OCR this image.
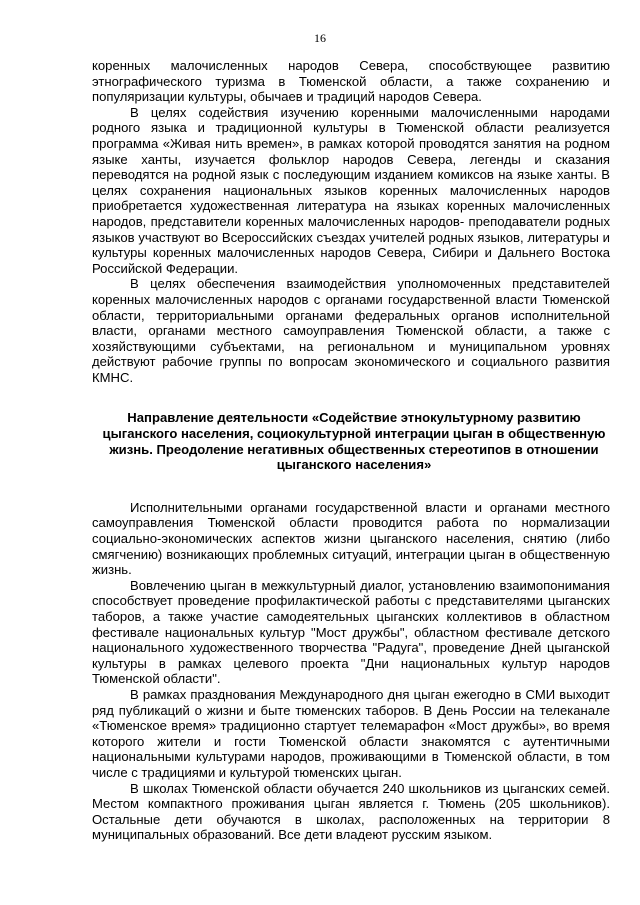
16

коренных малочисленных народов Севера, способствующее развитию этнографического туризма в Тюменской области, а также сохранению и популяризации культуры, обычаев и традиций народов Севера.

В целях содействия изучению коренными малочисленными народами родного языка и традиционной культуры в Тюменской области реализуется программа «Живая нить времен», в рамках которой проводятся занятия на родном языке ханты, изучается фольклор народов Севера, легенды и сказания переводятся на родной язык с последующим изданием комиксов на языке ханты. В целях сохранения национальных языков коренных малочисленных народов приобретается художественная литература на языках коренных малочисленных народов, представители коренных малочисленных народов- преподаватели родных языков участвуют во Всероссийских съездах учителей родных языков, литературы и культуры коренных малочисленных народов Севера, Сибири и Дальнего Востока Российской Федерации.

В целях обеспечения взаимодействия уполномоченных представителей коренных малочисленных народов с органами государственной власти Тюменской области, территориальными органами федеральных органов исполнительной власти, органами местного самоуправления Тюменской области, а также с хозяйствующими субъектами, на региональном и муниципальном уровнях действуют рабочие группы по вопросам экономического и социального развития КМНС.

Направление деятельности «Содействие этнокультурному развитию цыганского населения, социокультурной интеграции цыган в общественную жизнь. Преодоление негативных общественных стереотипов в отношении цыганского населения»

Исполнительными органами государственной власти и органами местного самоуправления Тюменской области проводится работа по нормализации социально-экономических аспектов жизни цыганского населения, снятию (либо смягчению) возникающих проблемных ситуаций, интеграции цыган в общественную жизнь.

Вовлечению цыган в межкультурный диалог, установлению взаимопонимания способствует проведение профилактической работы с представителями цыганских таборов, а также участие самодеятельных цыганских коллективов в областном фестивале национальных культур "Мост дружбы", областном фестивале детского национального художественного творчества "Радуга", проведение Дней цыганской культуры в рамках целевого проекта "Дни национальных культур народов Тюменской области".

В рамках празднования Международного дня цыган ежегодно в СМИ выходит ряд публикаций о жизни и быте тюменских таборов. В День России на телеканале «Тюменское время» традиционно стартует телемарафон «Мост дружбы», во время которого жители и гости Тюменской области знакомятся с аутентичными национальными культурами народов, проживающими в Тюменской области, в том числе с традициями и культурой тюменских цыган.

В школах Тюменской области обучается 240 школьников из цыганских семей. Местом компактного проживания цыган является г. Тюмень (205 школьников). Остальные дети обучаются в школах, расположенных на территории 8 муниципальных образований. Все дети владеют русским языком.
